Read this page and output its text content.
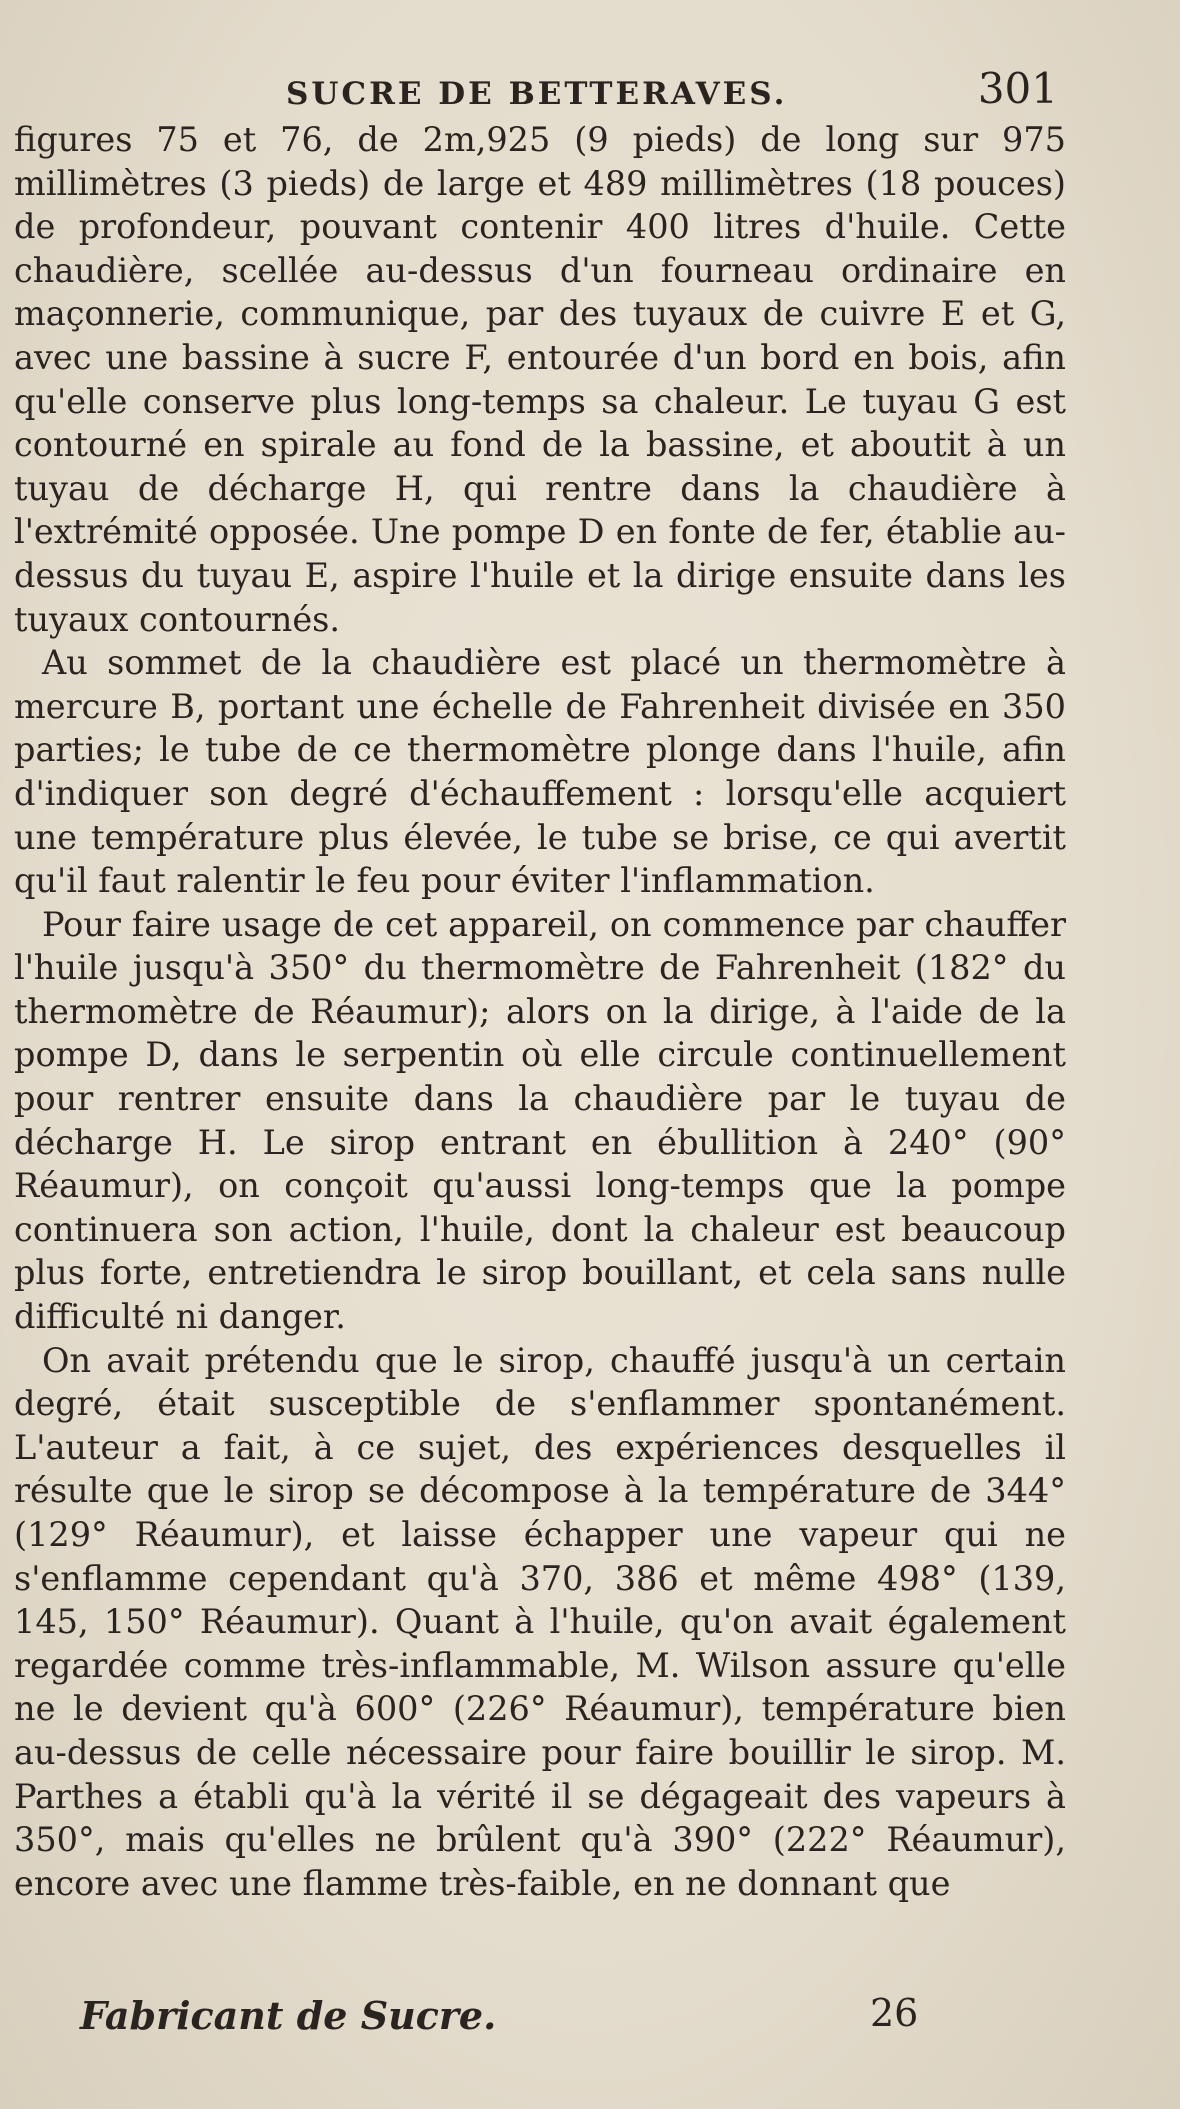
SUCRE DE BETTERAVES.	301

figures 75 et 76, de 2m,925 (9 pieds) de long sur 975 millimètres (3 pieds) de large et 489 millimètres (18 pouces) de profondeur, pouvant contenir 400 litres d'huile. Cette chaudière, scellée au-dessus d'un fourneau ordinaire en maçonnerie, communique, par des tuyaux de cuivre E et G, avec une bassine à sucre F, entourée d'un bord en bois, afin qu'elle conserve plus long-temps sa chaleur. Le tuyau G est contourné en spirale au fond de la bassine, et aboutit à un tuyau de décharge H, qui rentre dans la chaudière à l'extrémité opposée. Une pompe D en fonte de fer, établie au-dessus du tuyau E, aspire l'huile et la dirige ensuite dans les tuyaux contournés.

Au sommet de la chaudière est placé un thermomètre à mercure B, portant une échelle de Fahrenheit divisée en 350 parties; le tube de ce thermomètre plonge dans l'huile, afin d'indiquer son degré d'échauffement : lorsqu'elle acquiert une température plus élevée, le tube se brise, ce qui avertit qu'il faut ralentir le feu pour éviter l'inflammation.

Pour faire usage de cet appareil, on commence par chauffer l'huile jusqu'à 350° du thermomètre de Fahrenheit (182° du thermomètre de Réaumur); alors on la dirige, à l'aide de la pompe D, dans le serpentin où elle circule continuellement pour rentrer ensuite dans la chaudière par le tuyau de décharge H. Le sirop entrant en ébullition à 240° (90° Réaumur), on conçoit qu'aussi long-temps que la pompe continuera son action, l'huile, dont la chaleur est beaucoup plus forte, entretiendra le sirop bouillant, et cela sans nulle difficulté ni danger.

On avait prétendu que le sirop, chauffé jusqu'à un certain degré, était susceptible de s'enflammer spontanément. L'auteur a fait, à ce sujet, des expériences desquelles il résulte que le sirop se décompose à la température de 344° (129° Réaumur), et laisse échapper une vapeur qui ne s'enflamme cependant qu'à 370, 386 et même 498° (139, 145, 150° Réaumur). Quant à l'huile, qu'on avait également regardée comme très-inflammable, M. Wilson assure qu'elle ne le devient qu'à 600° (226° Réaumur), température bien au-dessus de celle nécessaire pour faire bouillir le sirop. M. Parthes a établi qu'à la vérité il se dégageait des vapeurs à 350°, mais qu'elles ne brûlent qu'à 390° (222° Réaumur), encore avec une flamme très-faible, en ne donnant que

Fabricant de Sucre.	26
